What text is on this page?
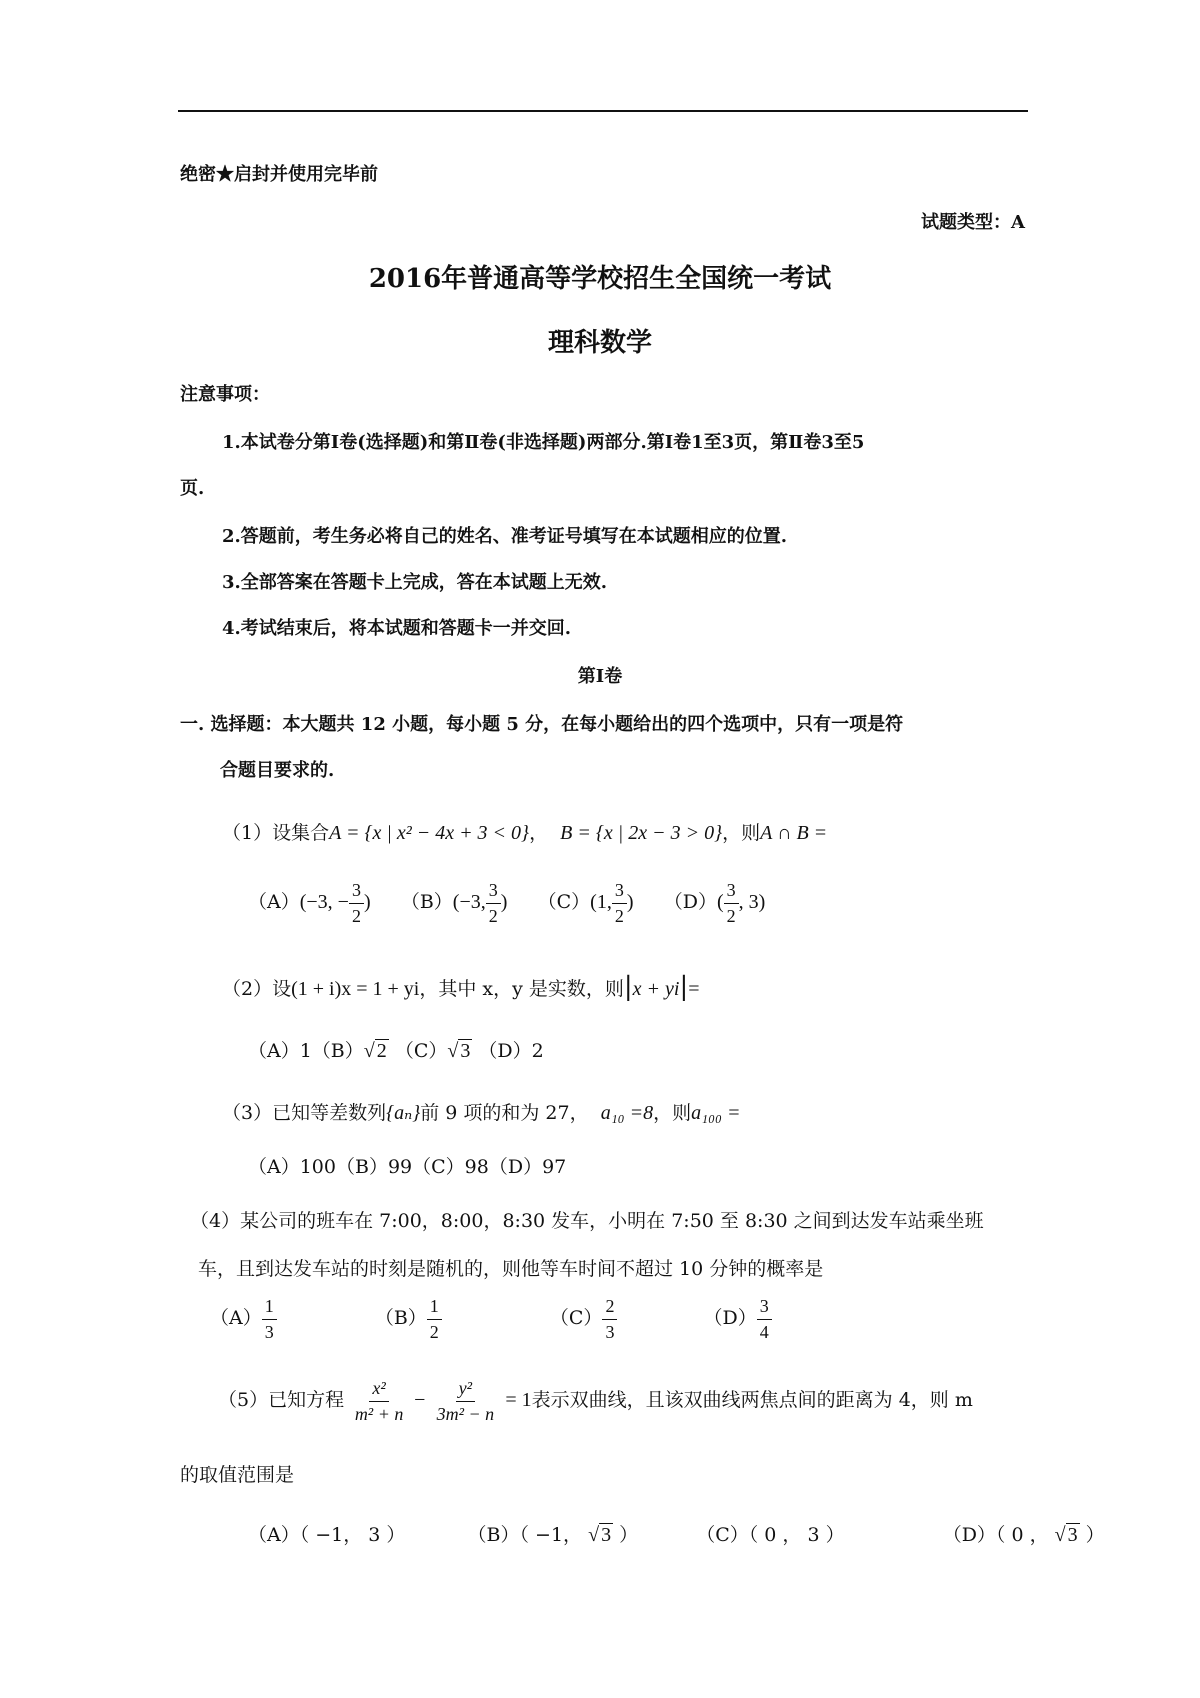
绝密★启封并使用完毕前
试题类型：A
2016年普通高等学校招生全国统一考试
理科数学
注意事项：
1.本试卷分第Ⅰ卷(选择题)和第Ⅱ卷(非选择题)两部分.第Ⅰ卷1至3页，第Ⅱ卷3至5
页.
2.答题前，考生务必将自己的姓名、准考证号填写在本试题相应的位置.
3.全部答案在答题卡上完成，答在本试题上无效.
4.考试结束后，将本试题和答题卡一并交回.
第Ⅰ卷
一. 选择题：本大题共 12 小题，每小题 5 分，在每小题给出的四个选项中，只有一项是符
合题目要求的.
（1）设集合A = {x | x² − 4x + 3 < 0}， B = {x | 2x − 3 > 0}，则A ∩ B =
（A）(−3, − $\frac{3}{2}$ ) （B）(−3, $\frac{3}{2}$ ) （C）(1, $\frac{3}{2}$ ) $(D)( \frac{3}{2}$ , 3)
（2）设(1 + i)x = 1 + yi，其中 x，y 是实数，则|x + yi|=
（A）1（B）√ 2 （C）√ 3 （D）2
（3）已知等差数列{aₙ}前 9 项的和为 27， a₁₀ =8，则a₁₀₀ =
（A）100（B）99（C）98（D）97
（4）某公司的班车在 7:00，8:00，8:30 发车，小明在 7:50 至 8:30 之间到达发车站乘坐班
车，且到达发车站的时刻是随机的，则他等车时间不超过 10 分钟的概率是
$(A) \frac{1}{3}$	$(B) \frac{1}{2}$	$(C) \frac{2}{3}$	$(D) \frac{3}{4}$
（5）已知方程 $\frac{\text{x²}}{\text{m² + n}} - \frac{\text{y²}}{\text{3m² − n}} = 1$表示双曲线，且该双曲线两焦点间的距离为 4，则 m
的取值范围是
（A）（ −1， 3 ）	（B）（ −1， √ 3 ）	（C）（ 0 ， 3 ）	（D）（ 0 ， √ 3 ）
